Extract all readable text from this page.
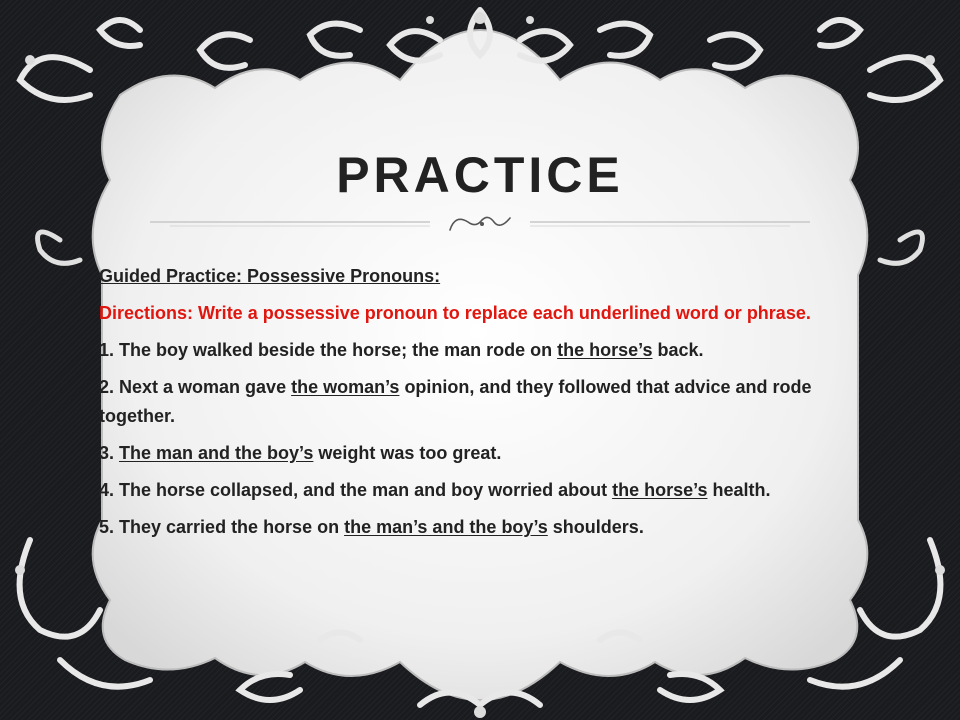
PRACTICE

Guided Practice: Possessive Pronouns:

Directions: Write a possessive pronoun to replace each underlined word or phrase.

1. The boy walked beside the horse; the man rode on the horse’s back.

2. Next a woman gave the woman’s opinion, and they followed that advice and rode together.

3. The man and the boy’s weight was too great.

4. The horse collapsed, and the man and boy worried about the horse’s health.

5. They carried the horse on the man’s and the boy’s shoulders.
